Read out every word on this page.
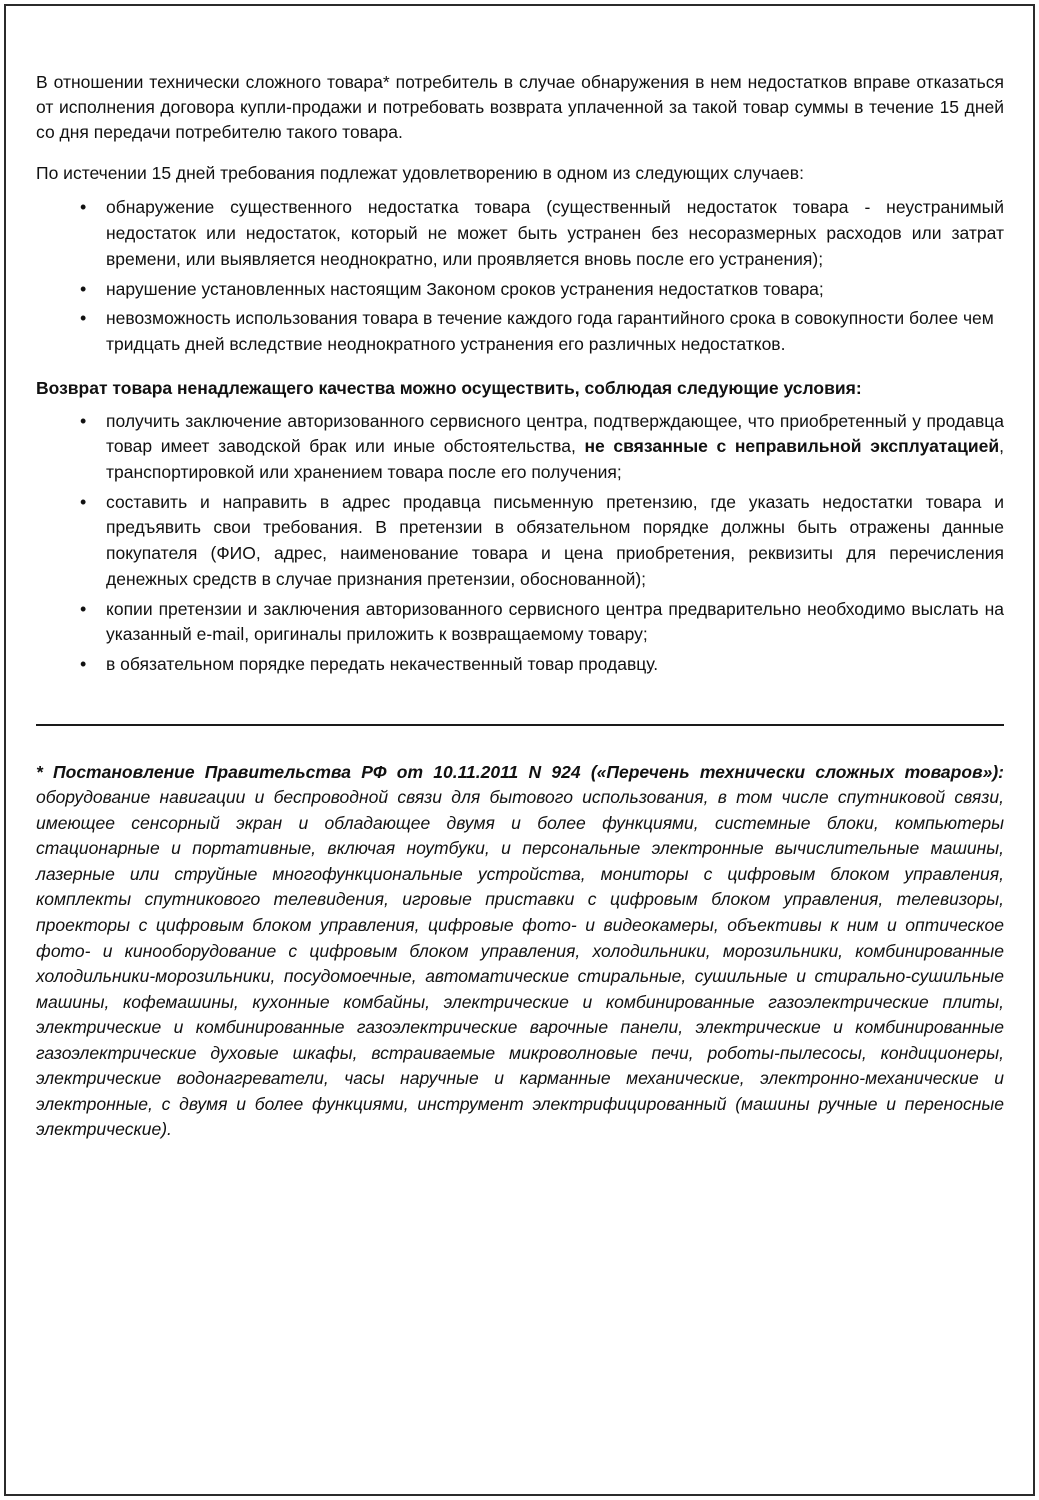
В отношении технически сложного товара* потребитель в случае обнаружения в нем недостатков вправе отказаться от исполнения договора купли-продажи и потребовать возврата уплаченной за такой товар суммы в течение 15 дней со дня передачи потребителю такого товара.

По истечении 15 дней требования подлежат удовлетворению в одном из следующих случаев:

• обнаружение существенного недостатка товара (существенный недостаток товара - неустранимый недостаток или недостаток, который не может быть устранен без несоразмерных расходов или затрат времени, или выявляется неоднократно, или проявляется вновь после его устранения);
• нарушение установленных настоящим Законом сроков устранения недостатков товара;
• невозможность использования товара в течение каждого года гарантийного срока в совокупности более чем тридцать дней вследствие неоднократного устранения его различных недостатков.

Возврат товара ненадлежащего качества можно осуществить, соблюдая следующие условия:

• получить заключение авторизованного сервисного центра, подтверждающее, что приобретенный у продавца товар имеет заводской брак или иные обстоятельства, не связанные с неправильной эксплуатацией, транспортировкой или хранением товара после его получения;
• составить и направить в адрес продавца письменную претензию, где указать недостатки товара и предъявить свои требования. В претензии в обязательном порядке должны быть отражены данные покупателя (ФИО, адрес, наименование товара и цена приобретения, реквизиты для перечисления денежных средств в случае признания претензии, обоснованной);
• копии претензии и заключения авторизованного сервисного центра предварительно необходимо выслать на указанный e-mail, оригиналы приложить к возвращаемому товару;
• в обязательном порядке передать некачественный товар продавцу.

* Постановление Правительства РФ от 10.11.2011 N 924 («Перечень технически сложных товаров»): оборудование навигации и беспроводной связи для бытового использования, в том числе спутниковой связи, имеющее сенсорный экран и обладающее двумя и более функциями, системные блоки, компьютеры стационарные и портативные, включая ноутбуки, и персональные электронные вычислительные машины, лазерные или струйные многофункциональные устройства, мониторы с цифровым блоком управления, комплекты спутникового телевидения, игровые приставки с цифровым блоком управления, телевизоры, проекторы с цифровым блоком управления, цифровые фото- и видеокамеры, объективы к ним и оптическое фото- и кинооборудование с цифровым блоком управления, холодильники, морозильники, комбинированные холодильники-морозильники, посудомоечные, автоматические стиральные, сушильные и стирально-сушильные машины, кофемашины, кухонные комбайны, электрические и комбинированные газоэлектрические плиты, электрические и комбинированные газоэлектрические варочные панели, электрические и комбинированные газоэлектрические духовые шкафы, встраиваемые микроволновые печи, роботы-пылесосы, кондиционеры, электрические водонагреватели, часы наручные и карманные механические, электронно-механические и электронные, с двумя и более функциями, инструмент электрифицированный (машины ручные и переносные электрические).
